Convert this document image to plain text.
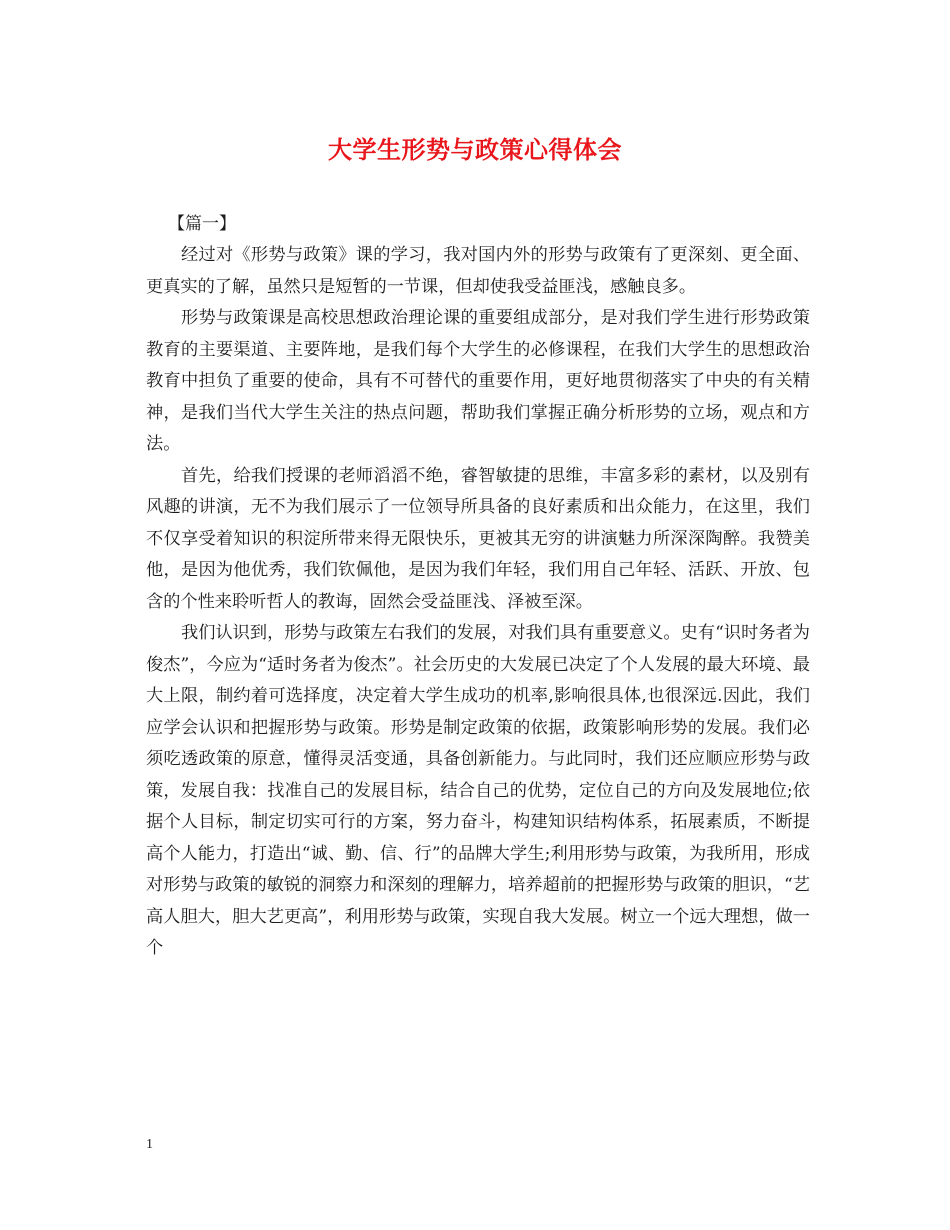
大学生形势与政策心得体会
【篇一】

经过对《形势与政策》课的学习，我对国内外的形势与政策有了更深刻、更全面、更真实的了解，虽然只是短暂的一节课，但却使我受益匪浅，感触良多。

形势与政策课是高校思想政治理论课的重要组成部分，是对我们学生进行形势政策教育的主要渠道、主要阵地，是我们每个大学生的必修课程，在我们大学生的思想政治教育中担负了重要的使命，具有不可替代的重要作用，更好地贯彻落实了中央的有关精神，是我们当代大学生关注的热点问题，帮助我们掌握正确分析形势的立场，观点和方法。

首先，给我们授课的老师滔滔不绝，睿智敏捷的思维，丰富多彩的素材，以及别有风趣的讲演，无不为我们展示了一位领导所具备的良好素质和出众能力，在这里，我们不仅享受着知识的积淀所带来得无限快乐，更被其无穷的讲演魅力所深深陶醉。我赞美他，是因为他优秀，我们钦佩他，是因为我们年轻，我们用自己年轻、活跃、开放、包含的个性来聆听哲人的教诲，固然会受益匪浅、泽被至深。

我们认识到，形势与政策左右我们的发展，对我们具有重要意义。史有“识时务者为俊杰”，今应为“适时务者为俊杰”。社会历史的大发展已决定了个人发展的最大环境、最大上限，制约着可选择度，决定着大学生成功的机率,影响很具体,也很深远.因此，我们应学会认识和把握形势与政策。形势是制定政策的依据，政策影响形势的发展。我们必须吃透政策的原意，懂得灵活变通，具备创新能力。与此同时，我们还应顺应形势与政策，发展自我：找准自己的发展目标，结合自己的优势，定位自己的方向及发展地位;依据个人目标，制定切实可行的方案，努力奋斗，构建知识结构体系，拓展素质，不断提高个人能力，打造出“诚、勤、信、行”的品牌大学生;利用形势与政策，为我所用，形成对形势与政策的敏锐的洞察力和深刻的理解力，培养超前的把握形势与政策的胆识，“艺高人胆大，胆大艺更高”，利用形势与政策，实现自我大发展。树立一个远大理想，做一个

1
